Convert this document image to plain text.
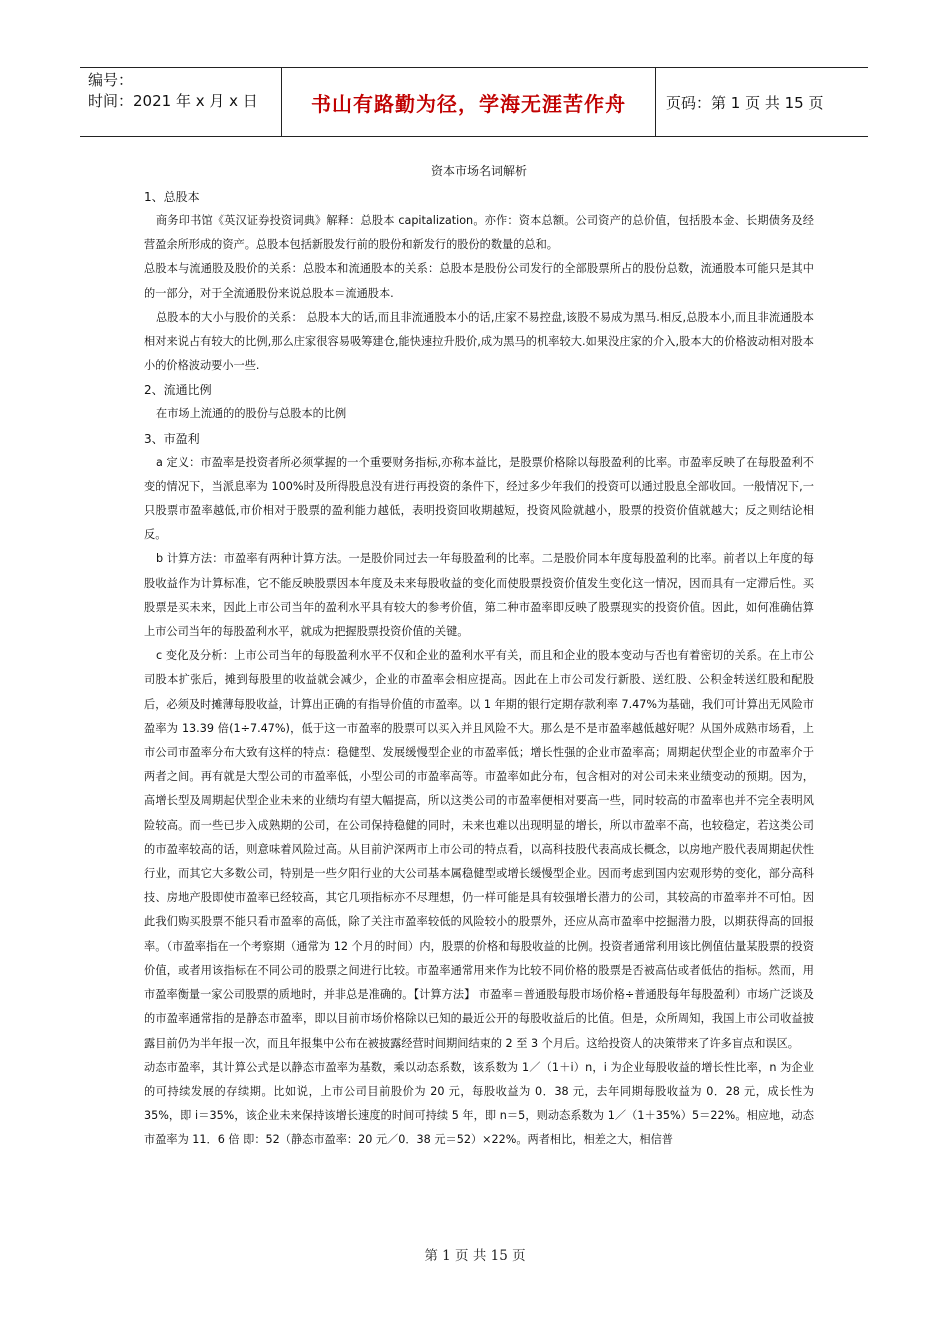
编号：
时间：2021 年 x 月 x 日	书山有路勤为径，学海无涯苦作舟	页码：第 1 页 共 15 页
资本市场名词解析
1、总股本

商务印书馆《英汉证券投资词典》解释：总股本 capitalization。亦作：资本总额。公司资产的总价值，包括股本金、长期债务及经营盈余所形成的资产。总股本包括新股发行前的股份和新发行的股份的数量的总和。

总股本与流通股及股价的关系：总股本和流通股本的关系：总股本是股份公司发行的全部股票所占的股份总数，流通股本可能只是其中的一部分，对于全流通股份来说总股本＝流通股本.

总股本的大小与股价的关系： 总股本大的话,而且非流通股本小的话,庄家不易控盘,该股不易成为黑马.相反,总股本小,而且非流通股本相对来说占有较大的比例,那么庄家很容易吸筹建仓,能快速拉升股价,成为黑马的机率较大.如果没庄家的介入,股本大的价格波动相对股本小的价格波动要小一些.

2、流通比例

在市场上流通的的股份与总股本的比例

3、市盈利

a 定义：市盈率是投资者所必须掌握的一个重要财务指标,亦称本益比，是股票价格除以每股盈利的比率。市盈率反映了在每股盈利不变的情况下，当派息率为 100%时及所得股息没有进行再投资的条件下，经过多少年我们的投资可以通过股息全部收回。一般情况下,一只股票市盈率越低,市价相对于股票的盈利能力越低，表明投资回收期越短，投资风险就越小，股票的投资价值就越大；反之则结论相反。

b 计算方法：市盈率有两种计算方法。一是股价同过去一年每股盈利的比率。二是股价同本年度每股盈利的比率。前者以上年度的每股收益作为计算标准，它不能反映股票因本年度及未来每股收益的变化而使股票投资价值发生变化这一情况，因而具有一定滞后性。买股票是买未来，因此上市公司当年的盈利水平具有较大的参考价值，第二种市盈率即反映了股票现实的投资价值。因此，如何准确估算上市公司当年的每股盈利水平，就成为把握股票投资价值的关键。

c 变化及分析：上市公司当年的每股盈利水平不仅和企业的盈利水平有关，而且和企业的股本变动与否也有着密切的关系。在上市公司股本扩张后，摊到每股里的收益就会减少，企业的市盈率会相应提高。因此在上市公司发行新股、送红股、公积金转送红股和配股后，必须及时摊薄每股收益，计算出正确的有指导价值的市盈率。以 1 年期的银行定期存款利率 7.47%为基础，我们可计算出无风险市盈率为 13.39 倍(1÷7.47%)，低于这一市盈率的股票可以买入并且风险不大。那么是不是市盈率越低越好呢？从国外成熟市场看，上市公司市盈率分布大致有这样的特点：稳健型、发展缓慢型企业的市盈率低；增长性强的企业市盈率高；周期起伏型企业的市盈率介于两者之间。再有就是大型公司的市盈率低，小型公司的市盈率高等。市盈率如此分布，包含相对的对公司未来业绩变动的预期。因为，高增长型及周期起伏型企业未来的业绩均有望大幅提高，所以这类公司的市盈率便相对要高一些，同时较高的市盈率也并不完全表明风险较高。而一些已步入成熟期的公司，在公司保持稳健的同时，未来也难以出现明显的增长，所以市盈率不高，也较稳定，若这类公司的市盈率较高的话，则意味着风险过高。从目前沪深两市上市公司的特点看，以高科技股代表高成长概念，以房地产股代表周期起伏性行业，而其它大多数公司，特别是一些夕阳行业的大公司基本属稳健型或增长缓慢型企业。因而考虑到国内宏观形势的变化，部分高科技、房地产股即使市盈率已经较高，其它几项指标亦不尽理想，仍一样可能是具有较强增长潜力的公司，其较高的市盈率并不可怕。因此我们购买股票不能只看市盈率的高低，除了关注市盈率较低的风险较小的股票外，还应从高市盈率中挖掘潜力股，以期获得高的回报率。（市盈率指在一个考察期（通常为 12 个月的时间）内，股票的价格和每股收益的比例。投资者通常利用该比例值估量某股票的投资价值，或者用该指标在不同公司的股票之间进行比较。市盈率通常用来作为比较不同价格的股票是否被高估或者低估的指标。然而，用市盈率衡量一家公司股票的质地时，并非总是准确的。【计算方法】 市盈率＝普通股每股市场价格÷普通股每年每股盈利）市场广泛谈及的市盈率通常指的是静态市盈率，即以目前市场价格除以已知的最近公开的每股收益后的比值。但是，众所周知，我国上市公司收益披露目前仍为半年报一次，而且年报集中公布在被披露经营时间期间结束的 2 至 3 个月后。这给投资人的决策带来了许多盲点和误区。

动态市盈率，其计算公式是以静态市盈率为基数，乘以动态系数，该系数为 1／（1＋i）n，i 为企业每股收益的增长性比率，n 为企业的可持续发展的存续期。比如说，上市公司目前股价为 20 元，每股收益为 0．38 元，去年同期每股收益为 0．28 元，成长性为 35%，即 i＝35%，该企业未来保持该增长速度的时间可持续 5 年，即 n＝5，则动态系数为 1／（1＋35%）5＝22%。相应地，动态市盈率为 11．6 倍 即：52（静态市盈率：20 元／0．38 元＝52）×22%。两者相比，相差之大，相信普

第 1 页 共 15 页
